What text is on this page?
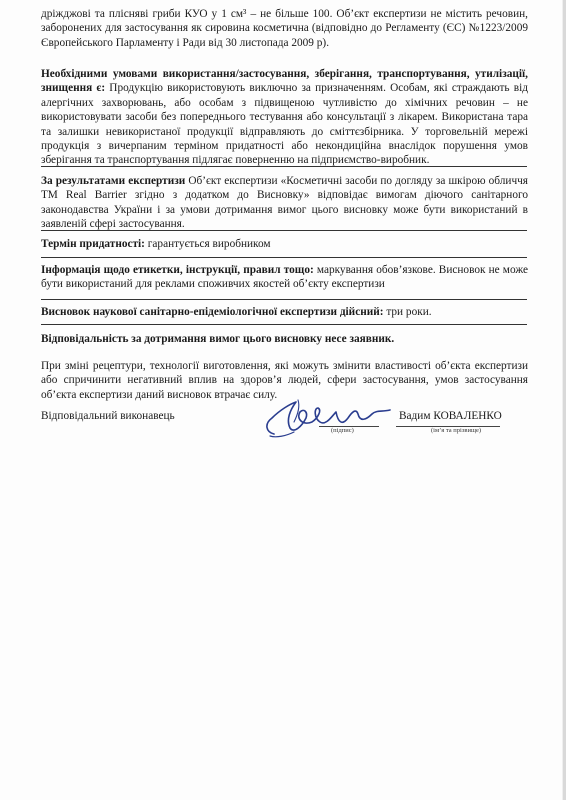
дріжджові та плісняві гриби КУО у 1 см³ – не більше 100. Об’єкт експертизи не містить речовин, заборонених для застосування як сировина косметична (відповідно до Регламенту (ЄС) №1223/2009 Європейського Парламенту і Ради від 30 листопада 2009 р).

Необхідними умовами використання/застосування, зберігання, транспортування, утилізації, знищення є: Продукцію використовують виключно за призначенням. Особам, які страждають від алергічних захворювань, або особам з підвищеною чутливістю до хімічних речовин – не використовувати засоби без попереднього тестування або консультації з лікарем. Використана тара та залишки невикористаної продукції відправляють до сміттєзбірника. У торговельній мережі продукція з вичерпаним терміном придатності або некондиційна внаслідок порушення умов зберігання та транспортування підлягає поверненню на підприємство-виробник.

За результатами експертизи Об’єкт експертизи «Косметичні засоби по догляду за шкірою обличчя ТМ Real Barrier згідно з додатком до Висновку» відповідає вимогам діючого санітарного законодавства України і за умови дотримання вимог цього висновку може бути використаний в заявленій сфері застосування.

Термін придатності: гарантується виробником

Інформація щодо етикетки, інструкції, правил тощо: маркування обов’язкове. Висновок не може бути використаний для реклами споживчих якостей об’єкту експертизи

Висновок наукової санітарно-епідеміологічної експертизи дійсний: три роки.

Відповідальність за дотримання вимог цього висновку несе заявник.

При зміні рецептури, технології виготовлення, які можуть змінити властивості об’єкта експертизи або спричинити негативний вплив на здоров’я людей, сфери застосування, умов застосування об’єкта експертизи даний висновок втрачає силу.

Відповідальний виконавець
(підпис)
Вадим КОВАЛЕНКО
(ім’я та прізвище)
